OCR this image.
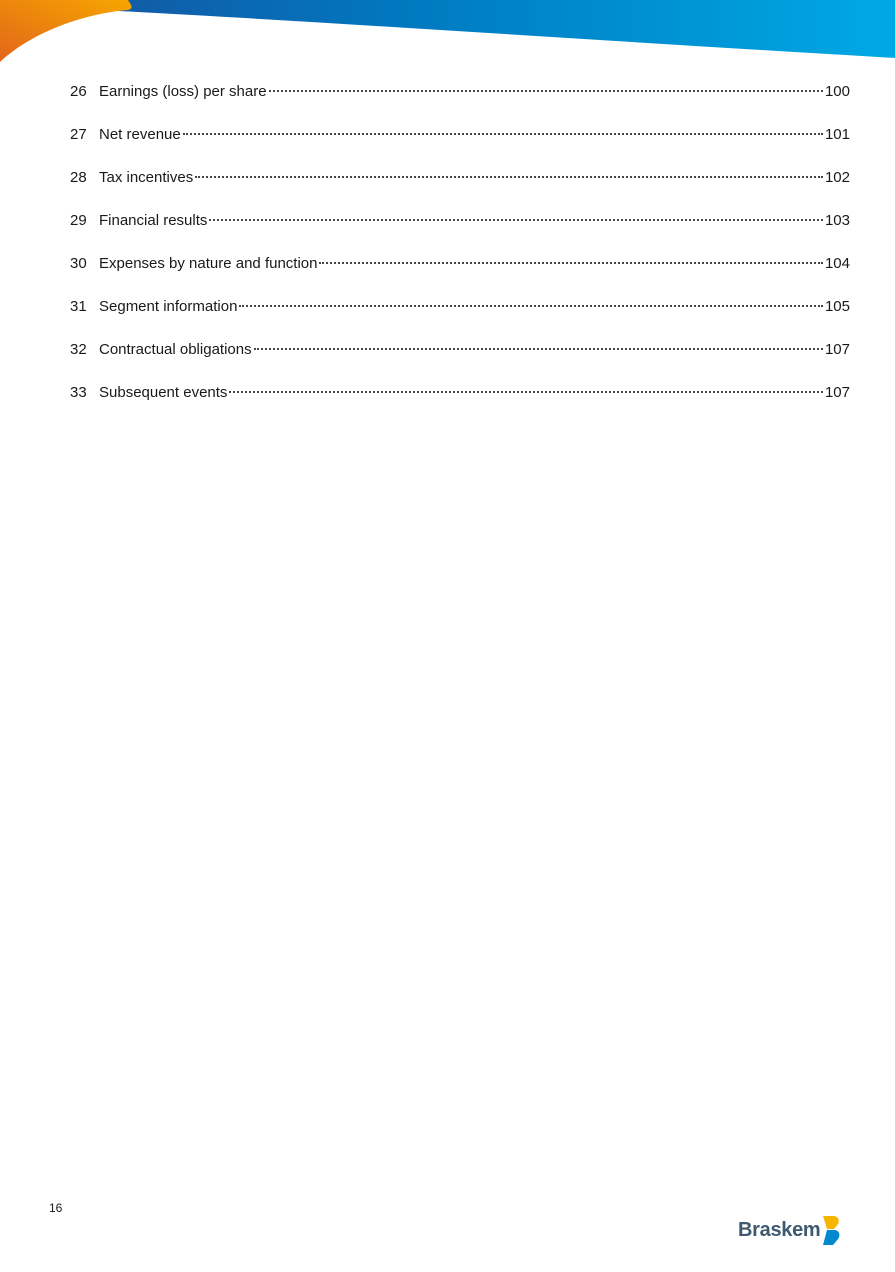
26 Earnings (loss) per share	100
27 Net revenue	101
28 Tax incentives	102
29 Financial results	103
30 Expenses by nature and function	104
31 Segment information	105
32 Contractual obligations	107
33 Subsequent events	107
16
Braskem
